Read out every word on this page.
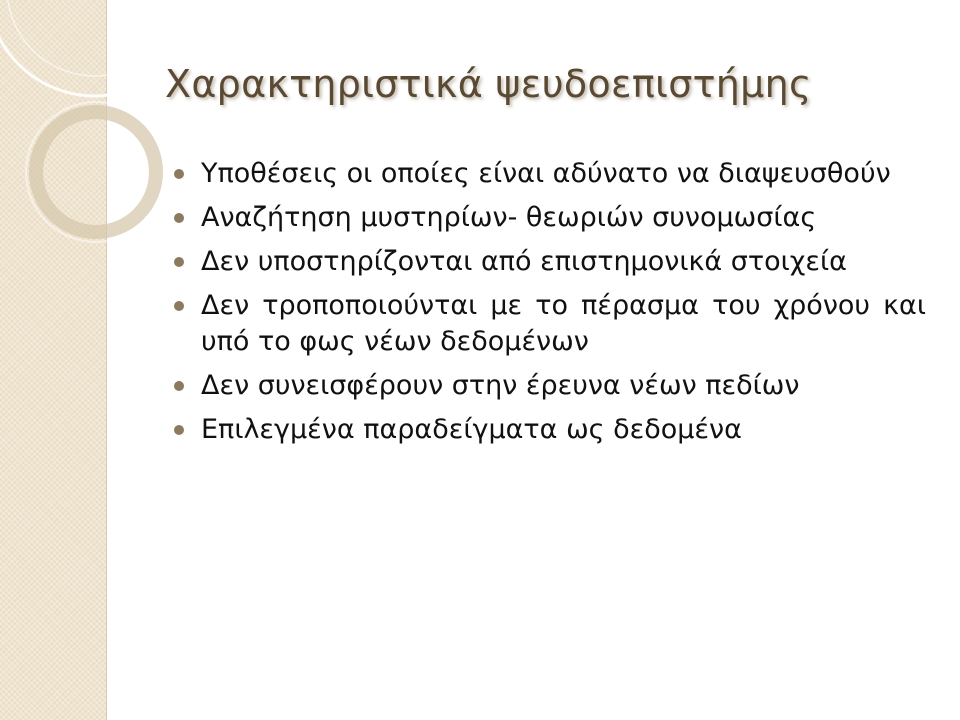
Χαρακτηριστικά ψευδοεπιστήμης
Υποθέσεις οι οποίες είναι αδύνατο να διαψευσθούν
Αναζήτηση μυστηρίων- θεωριών συνομωσίας
Δεν υποστηρίζονται από επιστημονικά στοιχεία
Δεν τροποποιούνται με το πέρασμα του χρόνου και υπό το φως νέων δεδομένων
Δεν συνεισφέρουν στην έρευνα νέων πεδίων
Επιλεγμένα παραδείγματα ως δεδομένα
